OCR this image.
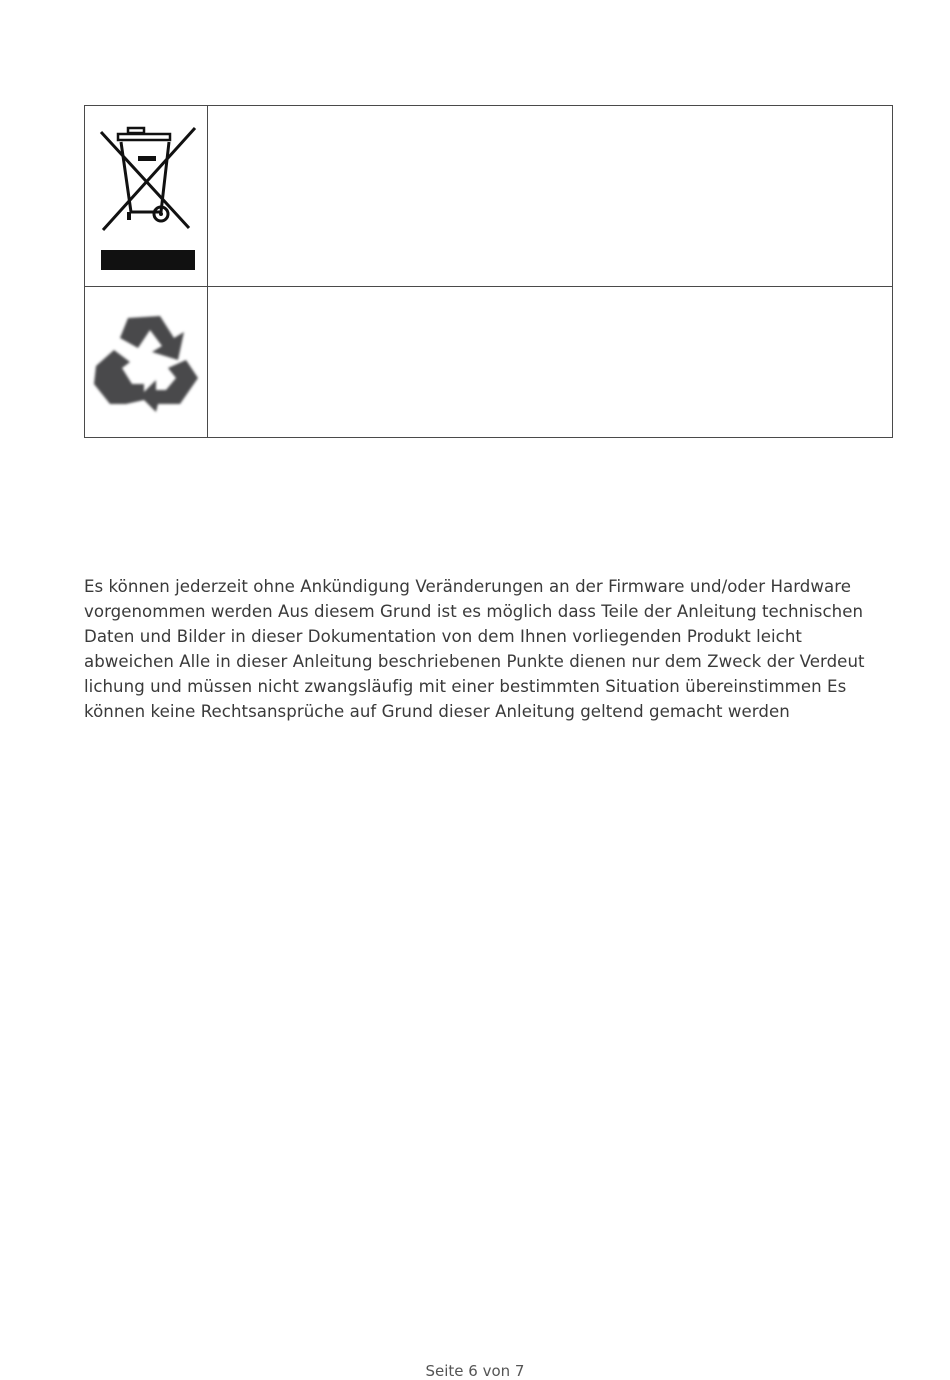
Es können jederzeit ohne Ankündigung Veränderungen an der Firmware und/oder Hardware
vorgenommen werden Aus diesem Grund ist es möglich dass Teile der Anleitung technischen
Daten und Bilder in dieser Dokumentation von dem Ihnen vorliegenden Produkt leicht
abweichen Alle in dieser Anleitung beschriebenen Punkte dienen nur dem Zweck der Verdeut
lichung und müssen nicht zwangsläufig mit einer bestimmten Situation übereinstimmen Es
können keine Rechtsansprüche auf Grund dieser Anleitung geltend gemacht werden

Seite 6 von 7
